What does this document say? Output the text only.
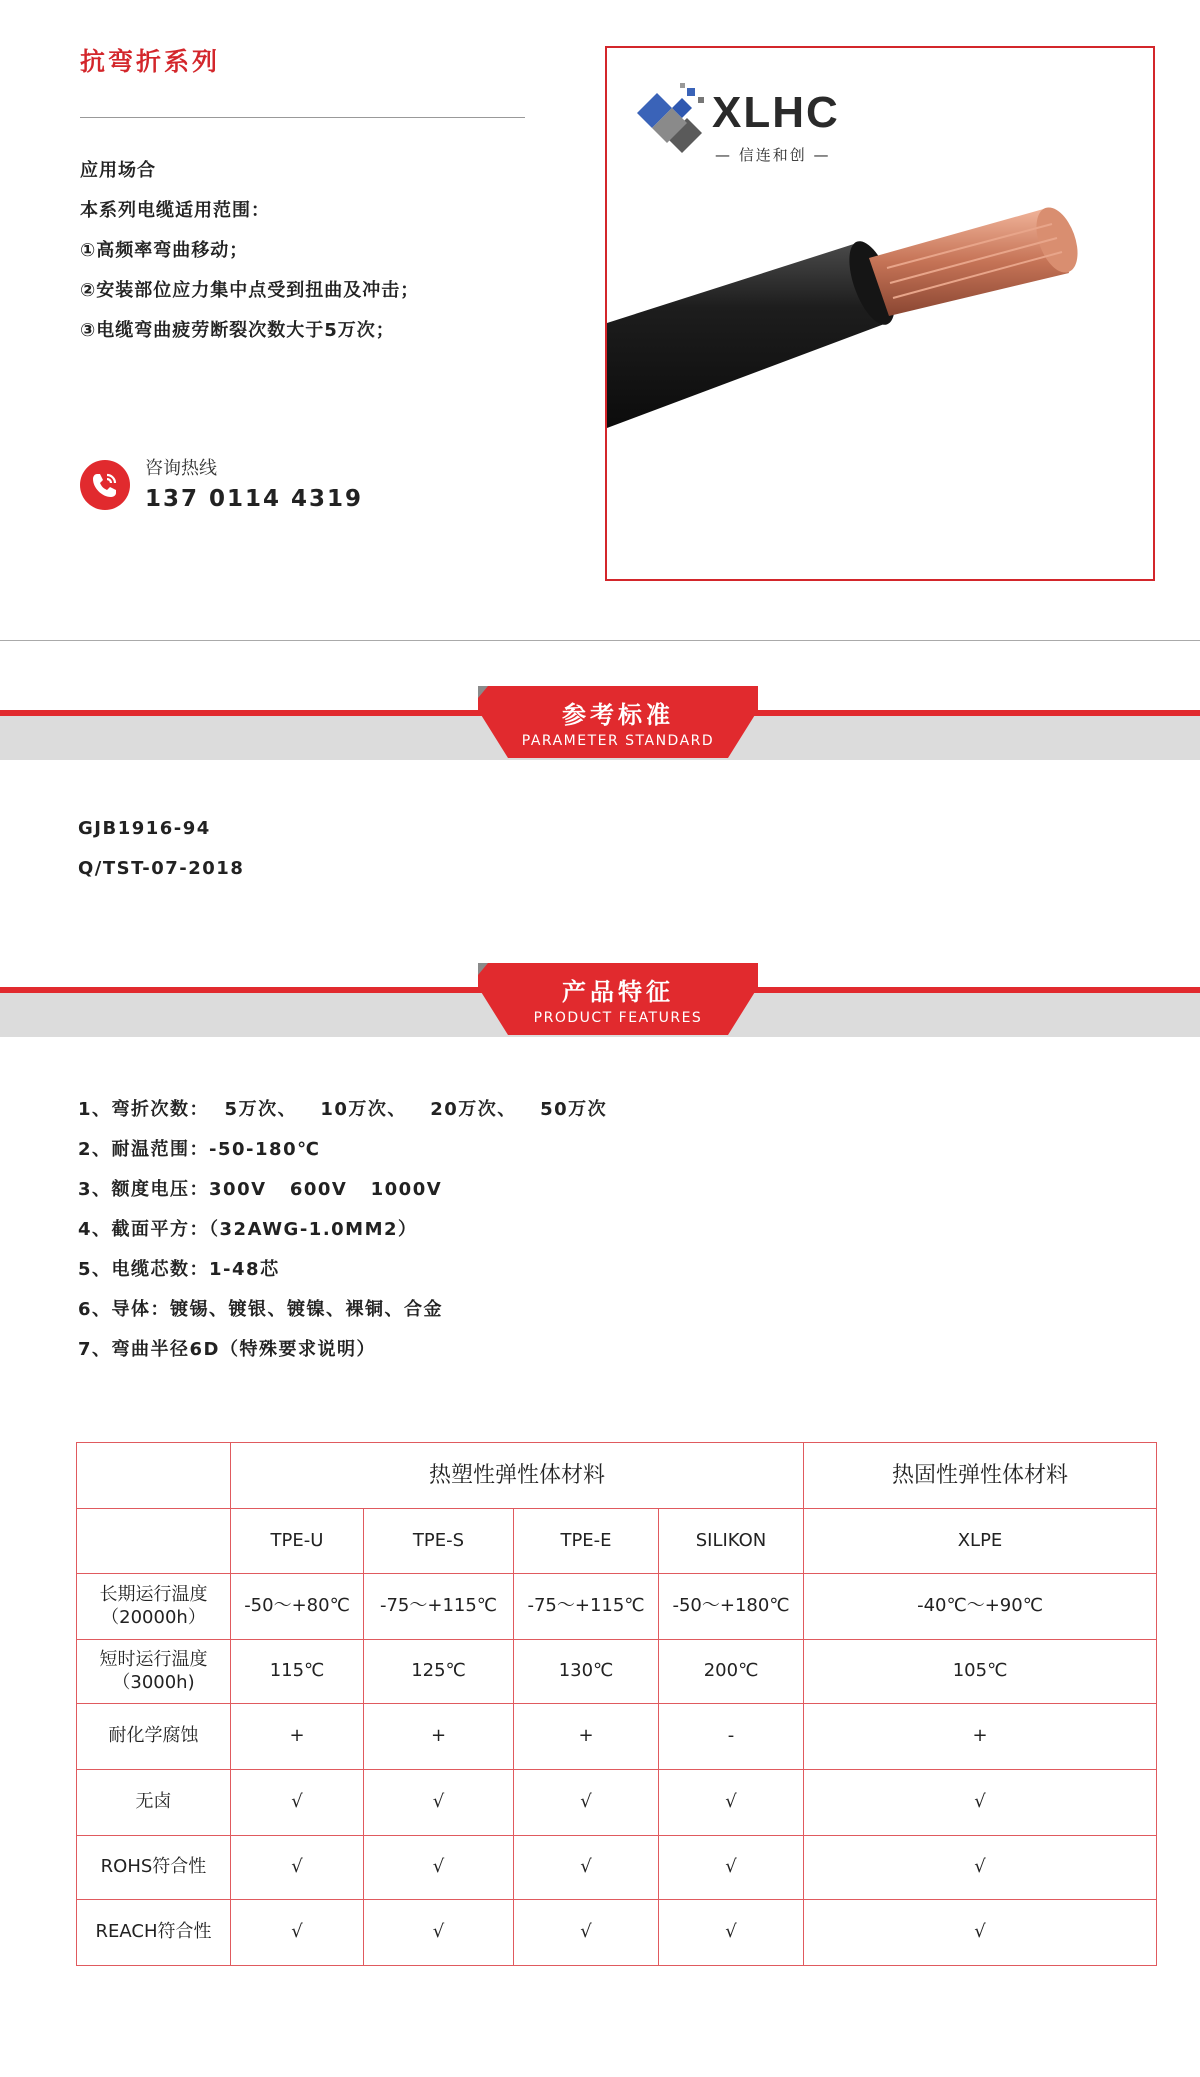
抗弯折系列
应用场合
本系列电缆适用范围：
①高频率弯曲移动；
②安装部位应力集中点受到扭曲及冲击；
③电缆弯曲疲劳断裂次数大于5万次；
咨询热线
137 0114 4319
XLHC
— 信连和创 —
参考标准
PARAMETER STANDARD
GJB1916-94
Q/TST-07-2018
产品特征
PRODUCT FEATURES
1、弯折次数：  5万次、   10万次、   20万次、   50万次
2、耐温范围：-50-180℃
3、额度电压：300V   600V   1000V
4、截面平方：（32AWG-1.0MM2）
5、电缆芯数：1-48芯
6、导体：镀锡、镀银、镀镍、裸铜、合金
7、弯曲半径6D（特殊要求说明）
	热塑性弹性体材料				热固性弹性体材料
	TPE-U	TPE-S	TPE-E	SILIKON	XLPE
长期运行温度
（20000h）	-50～+80℃	-75～+115℃	-75～+115℃	-50～+180℃	-40℃～+90℃
短时运行温度
（3000h)	115℃	125℃	130℃	200℃	105℃
耐化学腐蚀	+	+	+	-	+
无卤	√	√	√	√	√
ROHS符合性	√	√	√	√	√
REACH符合性	√	√	√	√	√
